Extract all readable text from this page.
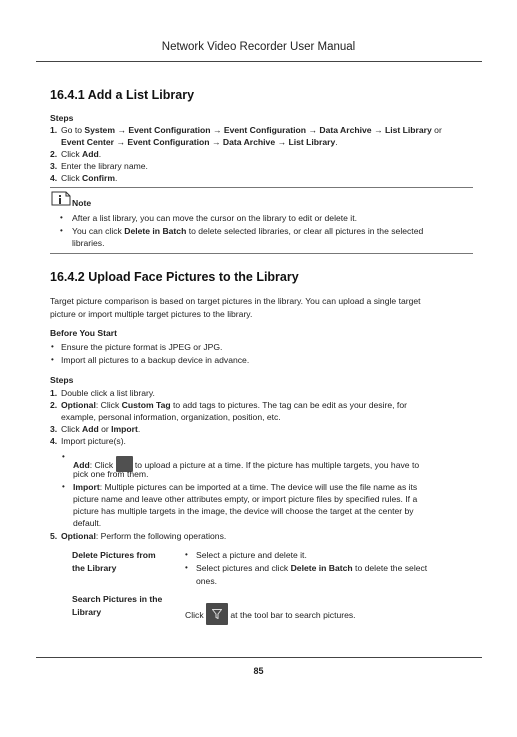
Network Video Recorder User Manual
16.4.1 Add a List Library
Steps
1. Go to System → Event Configuration → Event Configuration → Data Archive → List Library or
Event Center → Event Configuration → Data Archive → List Library.
2. Click Add.
3. Enter the library name.
4. Click Confirm.
Note
• After a list library, you can move the cursor on the library to edit or delete it.
• You can click Delete in Batch to delete selected libraries, or clear all pictures in the selected
libraries.
16.4.2 Upload Face Pictures to the Library
Target picture comparison is based on target pictures in the library. You can upload a single target
picture or import multiple target pictures to the library.
Before You Start
• Ensure the picture format is JPEG or JPG.
• Import all pictures to a backup device in advance.
Steps
1. Double click a list library.
2. Optional: Click Custom Tag to add tags to pictures. The tag can be edit as your desire, for
example, personal information, organization, position, etc.
3. Click Add or Import.
4. Import picture(s).
•
Add: Click  to upload a picture at a time. If the picture has multiple targets, you have to
pick one from them.
• Import: Multiple pictures can be imported at a time. The device will use the file name as its
picture name and leave other attributes empty, or import picture files by specified rules. If a
picture has multiple targets in the image, the device will choose the target at the center by
default.
5. Optional: Perform the following operations.
Delete Pictures from
the Library
• Select a picture and delete it.
• Select pictures and click Delete in Batch to delete the select
ones.
Search Pictures in the
Library	Click	at the tool bar to search pictures.
85
